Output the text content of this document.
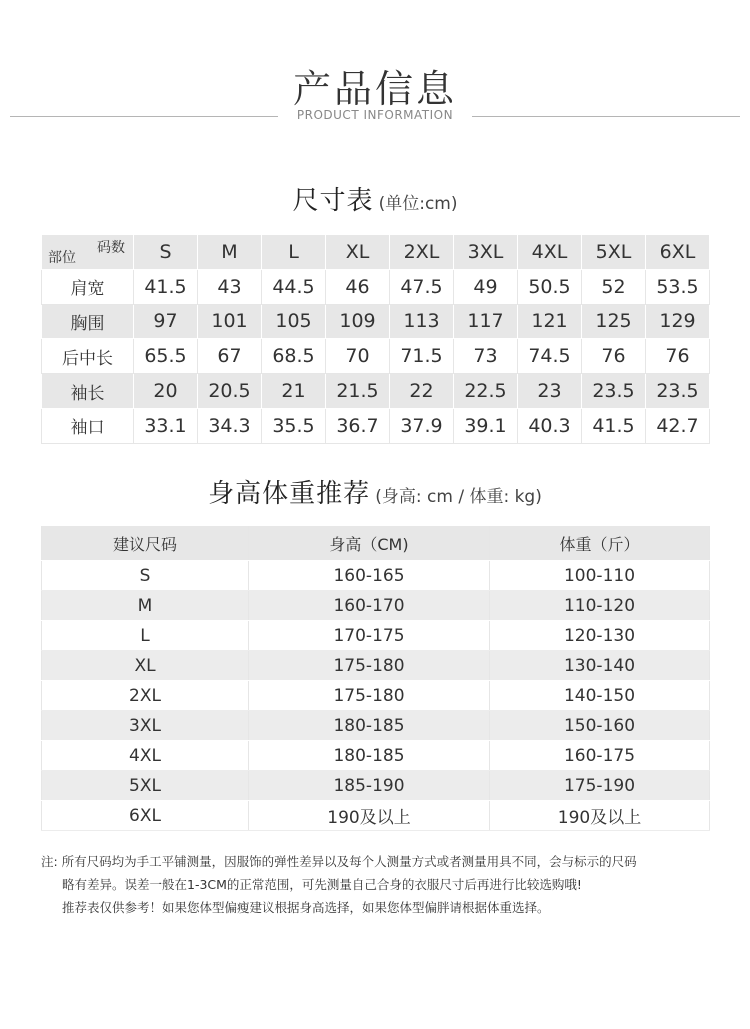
产品信息
PRODUCT INFORMATION
尺寸表 (单位:cm)
码数
部位	S	M	L	XL	2XL	3XL	4XL	5XL	6XL
肩宽	41.5	43	44.5	46	47.5	49	50.5	52	53.5
胸围	97	101	105	109	113	117	121	125	129
后中长	65.5	67	68.5	70	71.5	73	74.5	76	76
袖长	20	20.5	21	21.5	22	22.5	23	23.5	23.5
袖口	33.1	34.3	35.5	36.7	37.9	39.1	40.3	41.5	42.7
身高体重推荐 (身高: cm / 体重: kg)
建议尺码	身高（CM)	体重（斤）
S	160-165	100-110
M	160-170	110-120
L	170-175	120-130
XL	175-180	130-140
2XL	175-180	140-150
3XL	180-185	150-160
4XL	180-185	160-175
5XL	185-190	175-190
6XL	190及以上	190及以上
注: 所有尺码均为手工平铺测量，因服饰的弹性差异以及每个人测量方式或者测量用具不同，会与标示的尺码
略有差异。误差一般在1-3CM的正常范围，可先测量自己合身的衣服尺寸后再进行比较选购哦!
推荐表仅供参考！如果您体型偏瘦建议根据身高选择，如果您体型偏胖请根据体重选择。
